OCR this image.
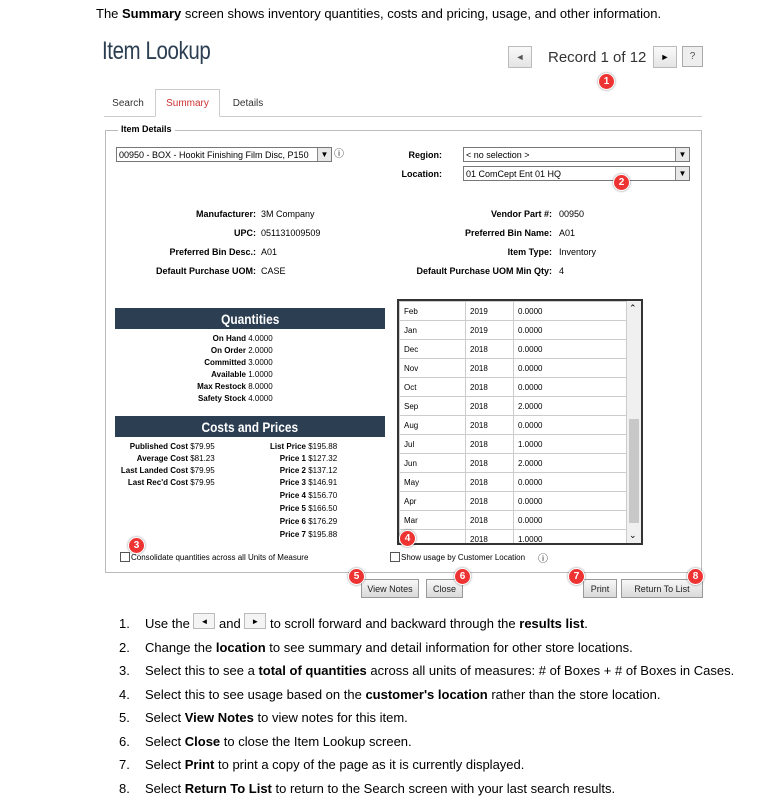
The Summary screen shows inventory quantities, costs and pricing, usage, and other information.
Item Lookup	◄ Record 1 of 12 ►	?
1
Search	Summary	Details
Item Details
00950 - BOX - Hookit Finishing Film Disc, P150	▼ ⓘ	Region:	< no selection >	▼
Location:	01 ComCept Ent 01 HQ	▼
2
Manufacturer: 3M Company
UPC: 051131009509
Preferred Bin Desc.: A01
Default Purchase UOM: CASE
Vendor Part #: 00950
Preferred Bin Name: A01
Item Type: Inventory
Default Purchase UOM Min Qty: 4
Quantities
On Hand 4.0000
On Order 2.0000
Committed 3.0000
Available 1.0000
Max Restock 8.0000
Safety Stock 4.0000
Costs and Prices
Published Cost $79.95
Average Cost $81.23
Last Landed Cost $79.95
Last Rec'd Cost $79.95
List Price $195.88
Price 1 $127.32
Price 2 $137.12
Price 3 $146.91
Price 4 $156.70
Price 5 $166.50
Price 6 $176.29
Price 7 $195.88
Feb	2019	0.0000
Jan	2019	0.0000
Dec	2018	0.0000
Nov	2018	0.0000
Oct	2018	0.0000
Sep	2018	2.0000
Aug	2018	0.0000
Jul	2018	1.0000
Jun	2018	2.0000
May	2018	0.0000
Apr	2018	0.0000
Mar	2018	0.0000
	2018	1.0000
⌃
⌄
4
3
Consolidate quantities across all Units of Measure	Show usage by Customer Location ⓘ
View Notes	Close	Print	Return To List
5	6	7	8
1.	Use the ◄ and ► to scroll forward and backward through the results list.
2.	Change the location to see summary and detail information for other store locations.
3.	Select this to see a total of quantities across all units of measures: # of Boxes + # of Boxes in Cases.
4.	Select this to see usage based on the customer's location rather than the store location.
5.	Select View Notes to view notes for this item.
6.	Select Close to close the Item Lookup screen.
7.	Select Print to print a copy of the page as it is currently displayed.
8.	Select Return To List to return to the Search screen with your last search results.
